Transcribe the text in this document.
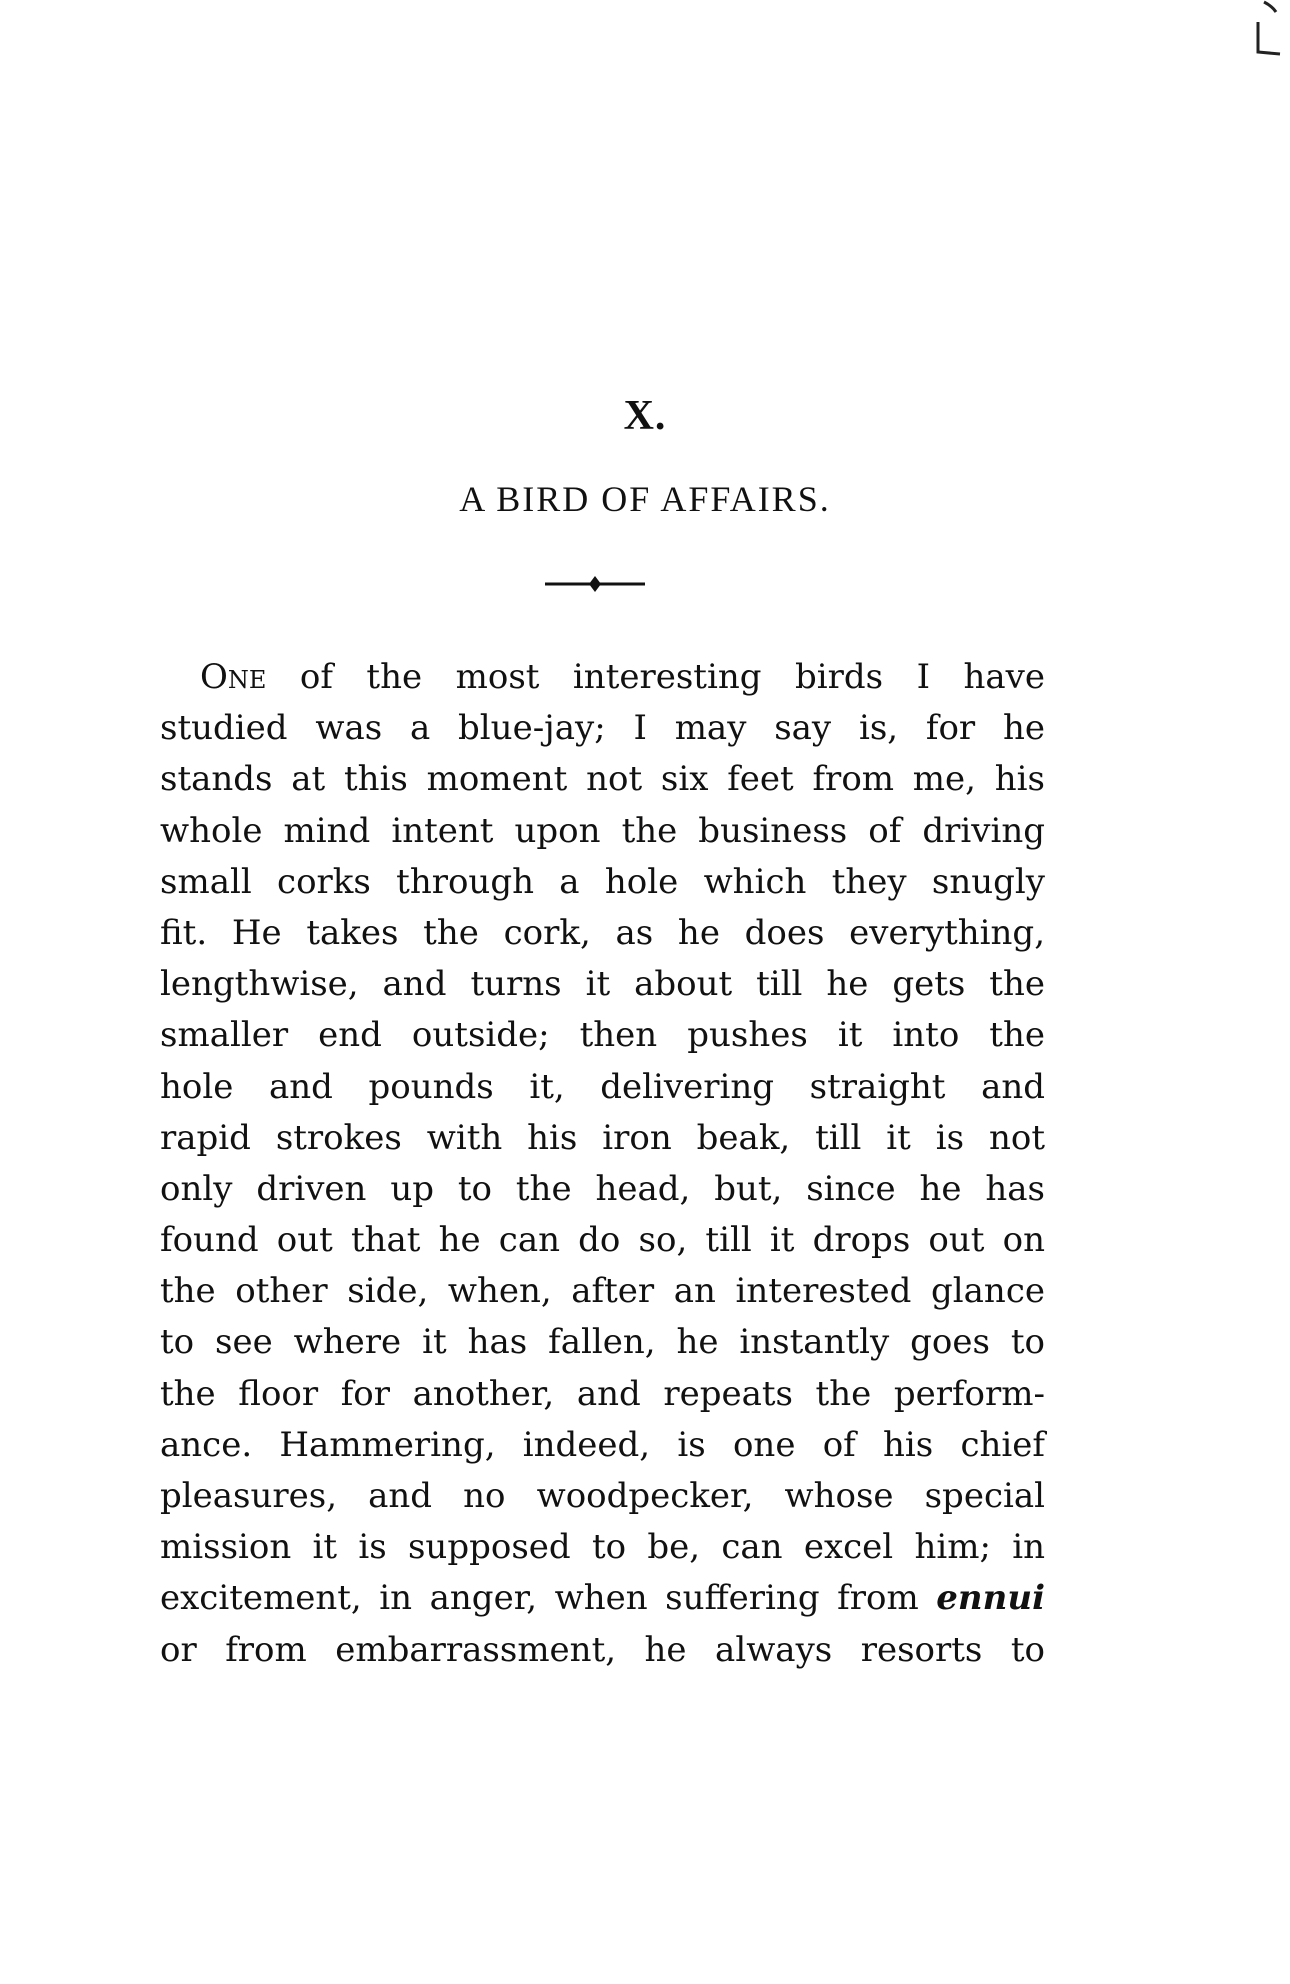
X.
A BIRD OF AFFAIRS.
One of the most interesting birds I have
studied was a blue-jay; I may say is, for he
stands at this moment not six feet from me, his
whole mind intent upon the business of driving
small corks through a hole which they snugly
fit. He takes the cork, as he does everything,
lengthwise, and turns it about till he gets the
smaller end outside; then pushes it into the
hole and pounds it, delivering straight and
rapid strokes with his iron beak, till it is not
only driven up to the head, but, since he has
found out that he can do so, till it drops out on
the other side, when, after an interested glance
to see where it has fallen, he instantly goes to
the floor for another, and repeats the perform-
ance. Hammering, indeed, is one of his chief
pleasures, and no woodpecker, whose special
mission it is supposed to be, can excel him; in
excitement, in anger, when suffering from ennui
or from embarrassment, he always resorts to
